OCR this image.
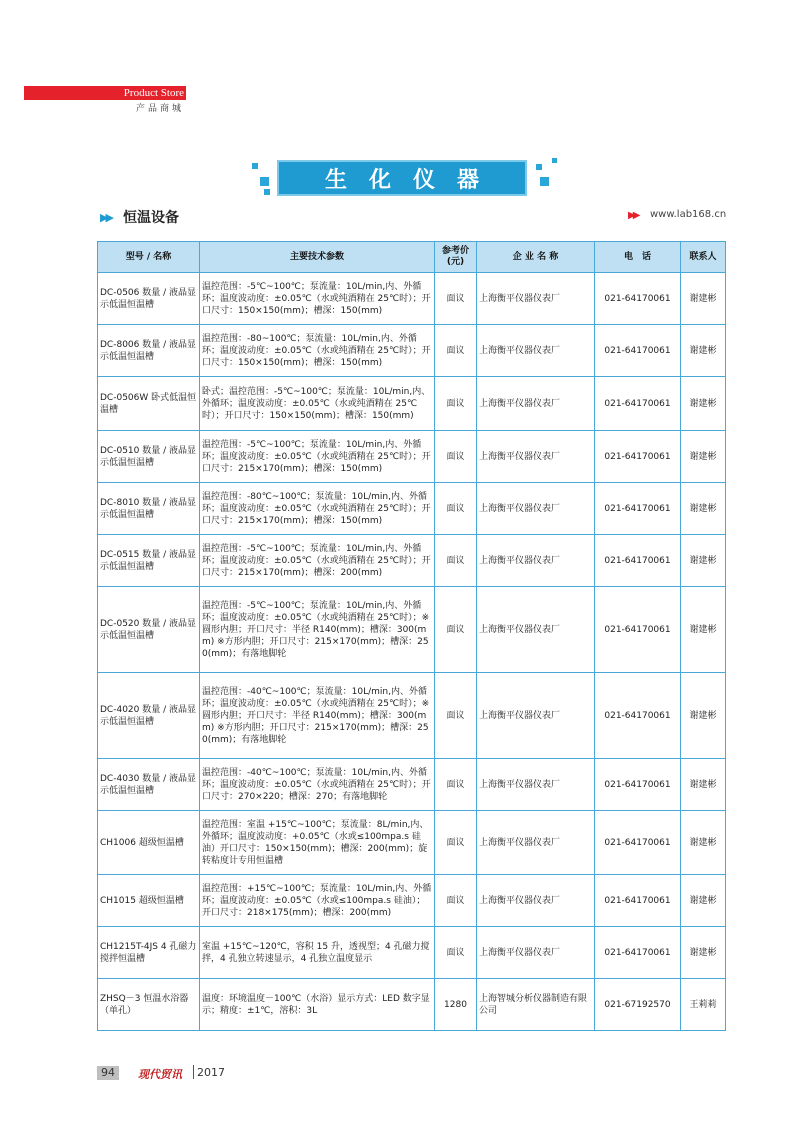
Product Store
产品商城
生化仪器
▶▶ 恒温设备	▶▶ www.lab168.cn
型号 / 名称	主要技术参数	参考价(元)	企 业 名 称	电　话	联系人
DC-0506 数量 / 液晶显示低温恒温槽	温控范围：-5℃~100℃；泵流量：10L/min,内、外循环；温度波动度：±0.05℃（水或纯酒精在 25℃时）；开口尺寸：150×150(mm)；槽深：150(mm)	面议	上海衡平仪器仪表厂	021-64170061	谢建彬
DC-8006 数量 / 液晶显示低温恒温槽	温控范围：-80~100℃；泵流量：10L/min,内、外循环；温度波动度：±0.05℃（水或纯酒精在 25℃时）；开口尺寸：150×150(mm)；槽深：150(mm)	面议	上海衡平仪器仪表厂	021-64170061	谢建彬
DC-0506W 卧式低温恒温槽	卧式；温控范围：-5℃~100℃；泵流量：10L/min,内、外循环；温度波动度：±0.05℃（水或纯酒精在 25℃时）；开口尺寸：150×150(mm)；槽深：150(mm)	面议	上海衡平仪器仪表厂	021-64170061	谢建彬
DC-0510 数量 / 液晶显示低温恒温槽	温控范围：-5℃~100℃；泵流量：10L/min,内、外循环；温度波动度：±0.05℃（水或纯酒精在 25℃时）；开口尺寸：215×170(mm)；槽深：150(mm)	面议	上海衡平仪器仪表厂	021-64170061	谢建彬
DC-8010 数量 / 液晶显示低温恒温槽	温控范围：-80℃~100℃；泵流量：10L/min,内、外循环；温度波动度：±0.05℃（水或纯酒精在 25℃时）；开口尺寸：215×170(mm)；槽深：150(mm)	面议	上海衡平仪器仪表厂	021-64170061	谢建彬
DC-0515 数量 / 液晶显示低温恒温槽	温控范围：-5℃~100℃；泵流量：10L/min,内、外循环；温度波动度：±0.05℃（水或纯酒精在 25℃时）；开口尺寸：215×170(mm)；槽深：200(mm)	面议	上海衡平仪器仪表厂	021-64170061	谢建彬
DC-0520 数量 / 液晶显示低温恒温槽	温控范围：-5℃~100℃；泵流量：10L/min,内、外循环；温度波动度：±0.05℃（水或纯酒精在 25℃时）；※圆形内胆；开口尺寸：半径 R140(mm)；槽深：300(mm) ※方形内胆；开口尺寸：215×170(mm)；槽深：250(mm)；有落地脚轮	面议	上海衡平仪器仪表厂	021-64170061	谢建彬
DC-4020 数量 / 液晶显示低温恒温槽	温控范围：-40℃~100℃；泵流量：10L/min,内、外循环；温度波动度：±0.05℃（水或纯酒精在 25℃时）；※圆形内胆；开口尺寸：半径 R140(mm)；槽深：300(mm) ※方形内胆；开口尺寸：215×170(mm)；槽深：250(mm)；有落地脚轮	面议	上海衡平仪器仪表厂	021-64170061	谢建彬
DC-4030 数量 / 液晶显示低温恒温槽	温控范围：-40℃~100℃；泵流量：10L/min,内、外循环；温度波动度：±0.05℃（水或纯酒精在 25℃时）；开口尺寸：270×220；槽深：270；有落地脚轮	面议	上海衡平仪器仪表厂	021-64170061	谢建彬
CH1006 超级恒温槽	温控范围：室温 +15℃~100℃；泵流量：8L/min,内、外循环；温度波动度：+0.05℃（水或≤100mpa.s 硅油）开口尺寸：150×150(mm)；槽深：200(mm)；旋转粘度计专用恒温槽	面议	上海衡平仪器仪表厂	021-64170061	谢建彬
CH1015 超级恒温槽	温控范围：+15℃~100℃；泵流量：10L/min,内、外循环；温度波动度：±0.05℃（水或≤100mpa.s 硅油）；开口尺寸：218×175(mm)；槽深：200(mm)	面议	上海衡平仪器仪表厂	021-64170061	谢建彬
CH1215T-4JS 4 孔磁力搅拌恒温槽	室温 +15℃~120℃，容积 15 升，透视型；4 孔磁力搅拌，4 孔独立转速显示，4 孔独立温度显示	面议	上海衡平仪器仪表厂	021-64170061	谢建彬
ZHSQ－3 恒温水浴器（单孔）	温度：环境温度－100℃（水浴）显示方式：LED 数字显示；精度：±1℃，溶积：3L	1280	上海智城分析仪器制造有限公司	021-67192570	王莉莉
94	现代贸讯 2017
